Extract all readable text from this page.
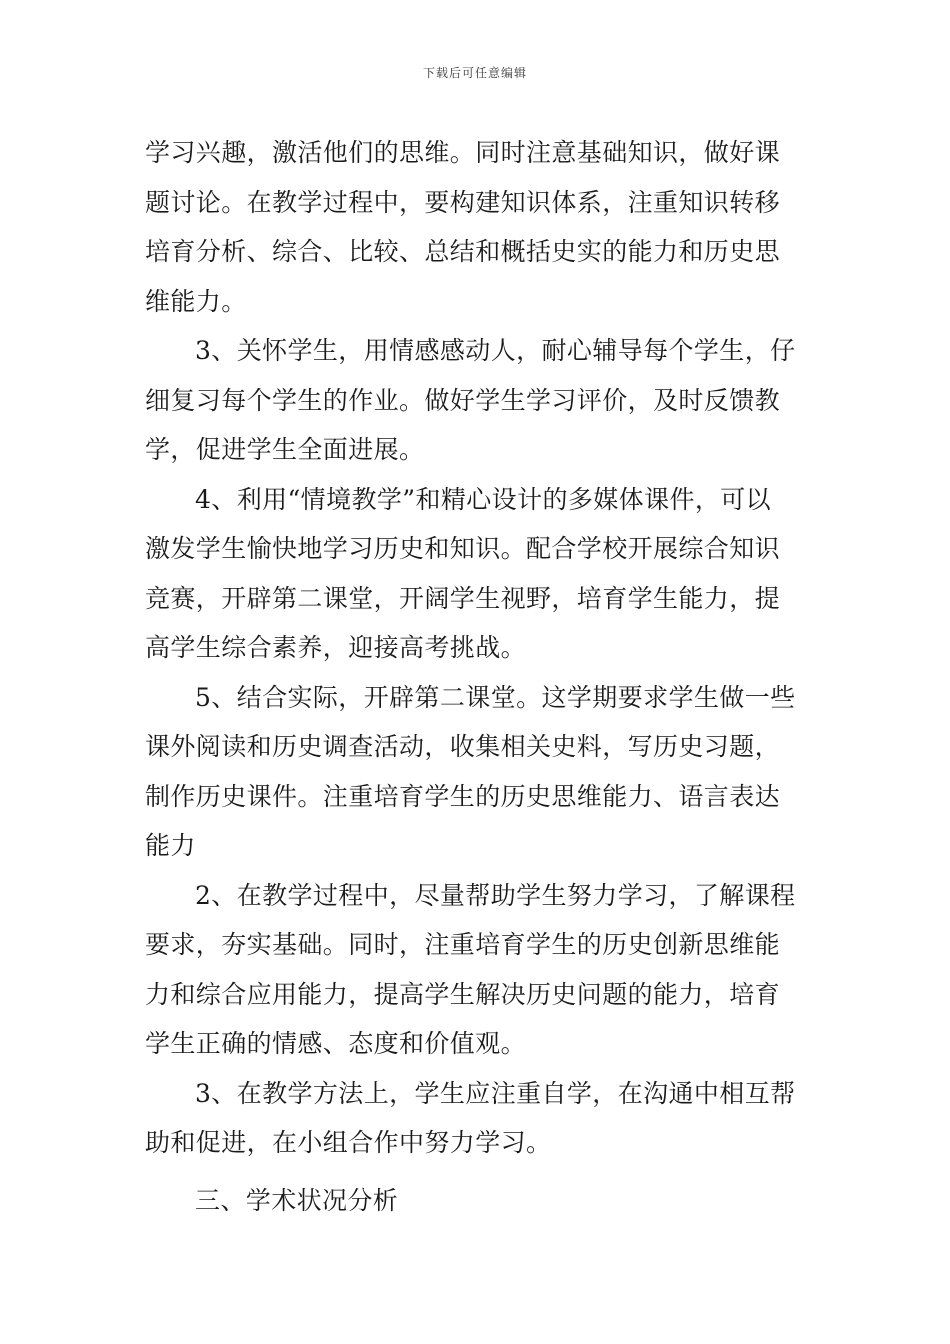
下载后可任意编辑
学习兴趣，激活他们的思维。同时注意基础知识，做好课
题讨论。在教学过程中，要构建知识体系，注重知识转移
培育分析、综合、比较、总结和概括史实的能力和历史思
维能力。
3、关怀学生，用情感感动人，耐心辅导每个学生，仔
细复习每个学生的作业。做好学生学习评价，及时反馈教
学，促进学生全面进展。
4、利用“情境教学”和精心设计的多媒体课件，可以
激发学生愉快地学习历史和知识。配合学校开展综合知识
竞赛，开辟第二课堂，开阔学生视野，培育学生能力，提
高学生综合素养，迎接高考挑战。
5、结合实际，开辟第二课堂。这学期要求学生做一些
课外阅读和历史调查活动，收集相关史料，写历史习题，
制作历史课件。注重培育学生的历史思维能力、语言表达
能力
2、在教学过程中，尽量帮助学生努力学习，了解课程
要求，夯实基础。同时，注重培育学生的历史创新思维能
力和综合应用能力，提高学生解决历史问题的能力，培育
学生正确的情感、态度和价值观。
3、在教学方法上，学生应注重自学，在沟通中相互帮
助和促进，在小组合作中努力学习。
三、学术状况分析
